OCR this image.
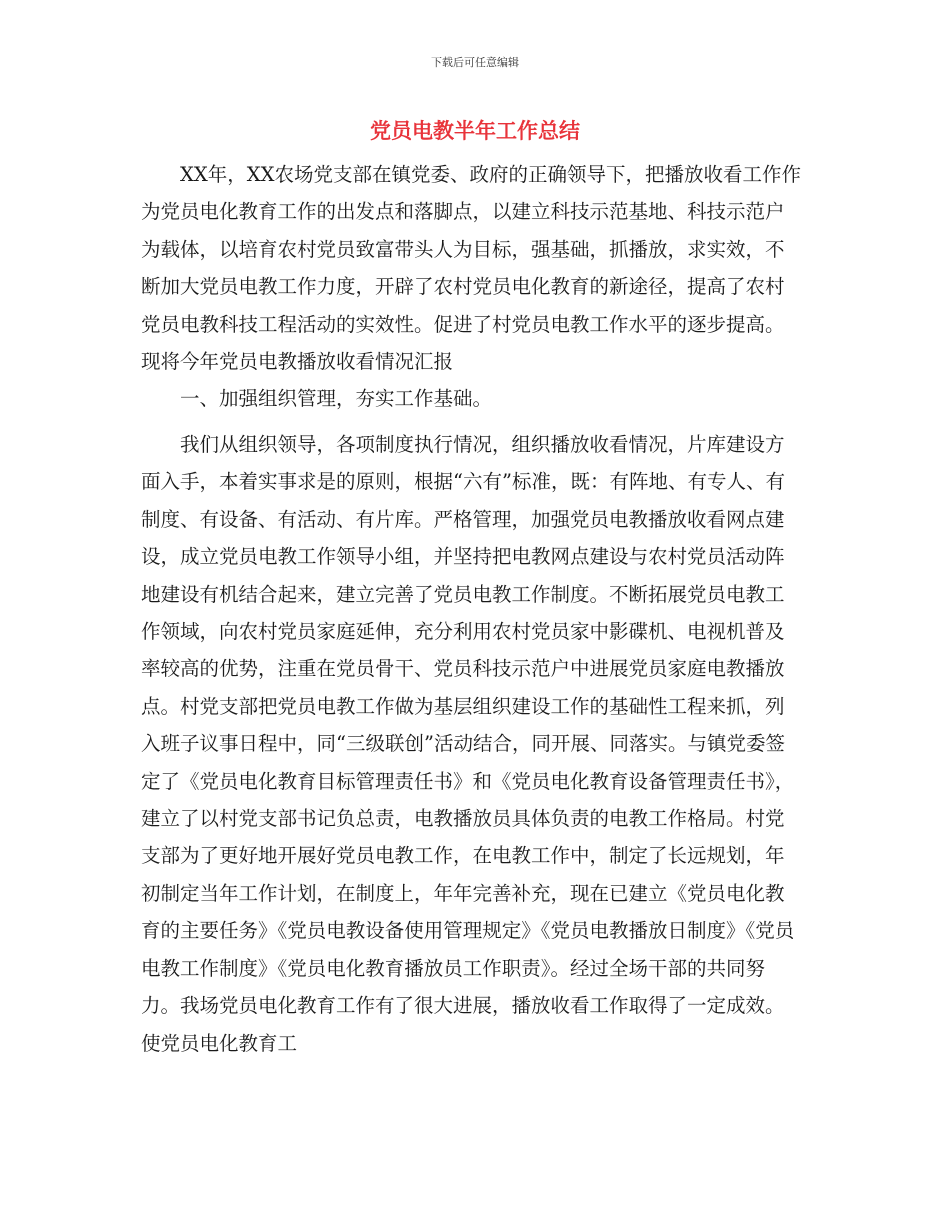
下载后可任意编辑
党员电教半年工作总结

XX年，XX农场党支部在镇党委、政府的正确领导下，把播放收看工作作为党员电化教育工作的出发点和落脚点，以建立科技示范基地、科技示范户为载体，以培育农村党员致富带头人为目标，强基础，抓播放，求实效，不断加大党员电教工作力度，开辟了农村党员电化教育的新途径，提高了农村党员电教科技工程活动的实效性。促进了村党员电教工作水平的逐步提高。现将今年党员电教播放收看情况汇报

一、加强组织管理，夯实工作基础。

我们从组织领导，各项制度执行情况，组织播放收看情况，片库建设方面入手，本着实事求是的原则，根据“六有”标准，既：有阵地、有专人、有制度、有设备、有活动、有片库。严格管理，加强党员电教播放收看网点建设，成立党员电教工作领导小组，并坚持把电教网点建设与农村党员活动阵地建设有机结合起来，建立完善了党员电教工作制度。不断拓展党员电教工作领域，向农村党员家庭延伸，充分利用农村党员家中影碟机、电视机普及率较高的优势，注重在党员骨干、党员科技示范户中进展党员家庭电教播放点。村党支部把党员电教工作做为基层组织建设工作的基础性工程来抓，列入班子议事日程中，同“三级联创”活动结合，同开展、同落实。与镇党委签定了《党员电化教育目标管理责任书》和《党员电化教育设备管理责任书》，建立了以村党支部书记负总责，电教播放员具体负责的电教工作格局。村党支部为了更好地开展好党员电教工作，在电教工作中，制定了长远规划，年初制定当年工作计划，在制度上，年年完善补充，现在已建立《党员电化教育的主要任务》《党员电教设备使用管理规定》《党员电教播放日制度》《党员电教工作制度》《党员电化教育播放员工作职责》。经过全场干部的共同努力。我场党员电化教育工作有了很大进展，播放收看工作取得了一定成效。使党员电化教育工
